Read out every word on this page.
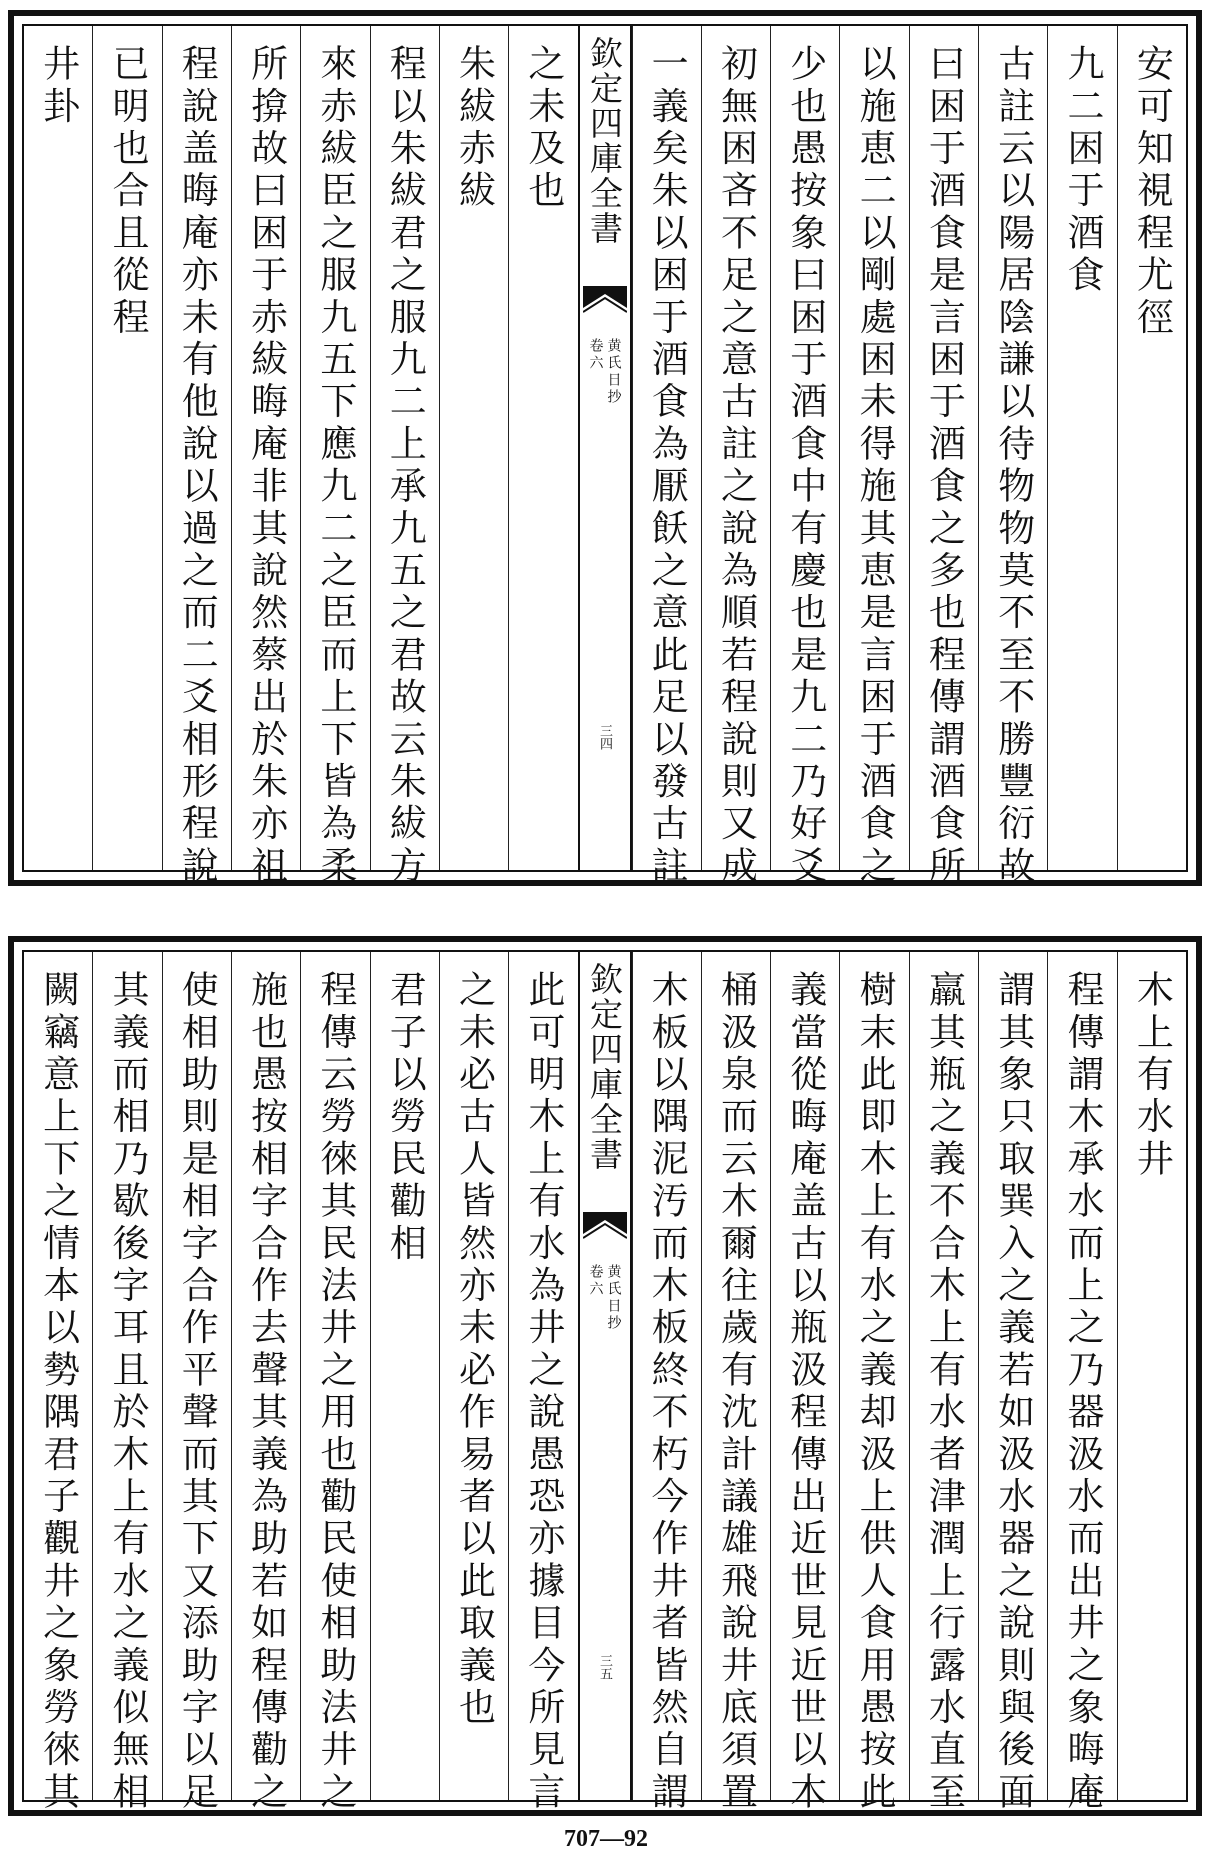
安可知視程尤徑
九二困于酒食
古註云以陽居陰謙以待物物莫不至不勝豐衍故
曰困于酒食是言困于酒食之多也程傳謂酒食所
以施恵二以剛處困未得施其恵是言困于酒食之
少也愚按象曰困于酒食中有慶也是九二乃好爻
初無困吝不足之意古註之說為順若程說則又成
一義矣朱以困于酒食為厭飫之意此足以發古註
欽定四庫全書
黄氏日抄
卷六
三四
之未及也
朱紱赤紱
程以朱紱君之服九二上承九五之君故云朱紱方
來赤紱臣之服九五下應九二之臣而上下皆為柔
所揜故曰困于赤紱晦庵非其說然蔡出於朱亦祖
程說盖晦庵亦未有他說以過之而二爻相形程說
已明也合且從程
井卦
木上有水井
程傳謂木承水而上之乃器汲水而出井之象晦庵
謂其象只取巽入之義若如汲水器之說則與後面
羸其瓶之義不合木上有水者津潤上行露水直至
樹末此即木上有水之義却汲上供人食用愚按此
義當從晦庵盖古以瓶汲程傳出近世見近世以木
桶汲泉而云木爾往歲有沈計議雄飛說井底須置
木板以隅泥汚而木板終不朽今作井者皆然自謂
欽定四庫全書
黄氏日抄
卷六
三五
此可明木上有水為井之說愚恐亦據目今所見言
之未必古人皆然亦未必作易者以此取義也
君子以勞民勸相
程傳云勞徠其民法井之用也勸民使相助法井之
施也愚按相字合作去聲其義為助若如程傳勸之
使相助則是相字合作平聲而其下又添助字以足
其義而相乃歇後字耳且於木上有水之義似無相
闕竊意上下之情本以勢隅君子觀井之象勞徠其
707—92
